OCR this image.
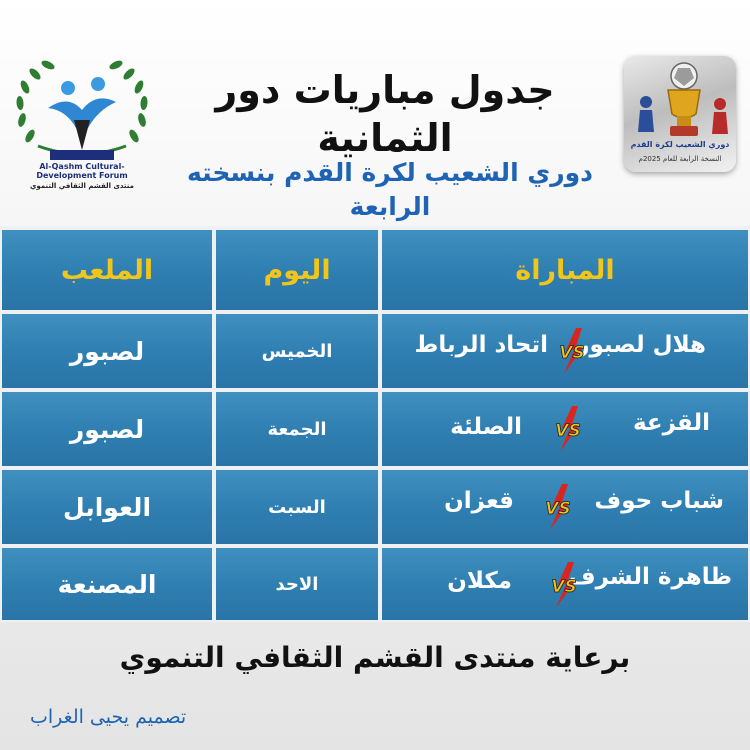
Al-Qashm Cultural-Development Forum
منتدى القشم الثقافي التنموي
جدول مباريات دور الثمانية
دوري الشعيب لكرة القدم بنسخته الرابعة
دوري الشعيب لكرة القدم
النسخة الرابعة للعام 2025م
المباراة
اليوم
الملعب
الخميس
لصبور
الجمعة
لصبور
السبت
العوابل
الاحد
المصنعة
هلال لصبور
اتحاد الرباط
القزعة
الصلئة
شباب حوف
قعزان
ظاهرة الشرف
مكلان
VS
VS
VS
VS
برعاية منتدى القشم الثقافي التنموي
تصميم يحيى الغراب
